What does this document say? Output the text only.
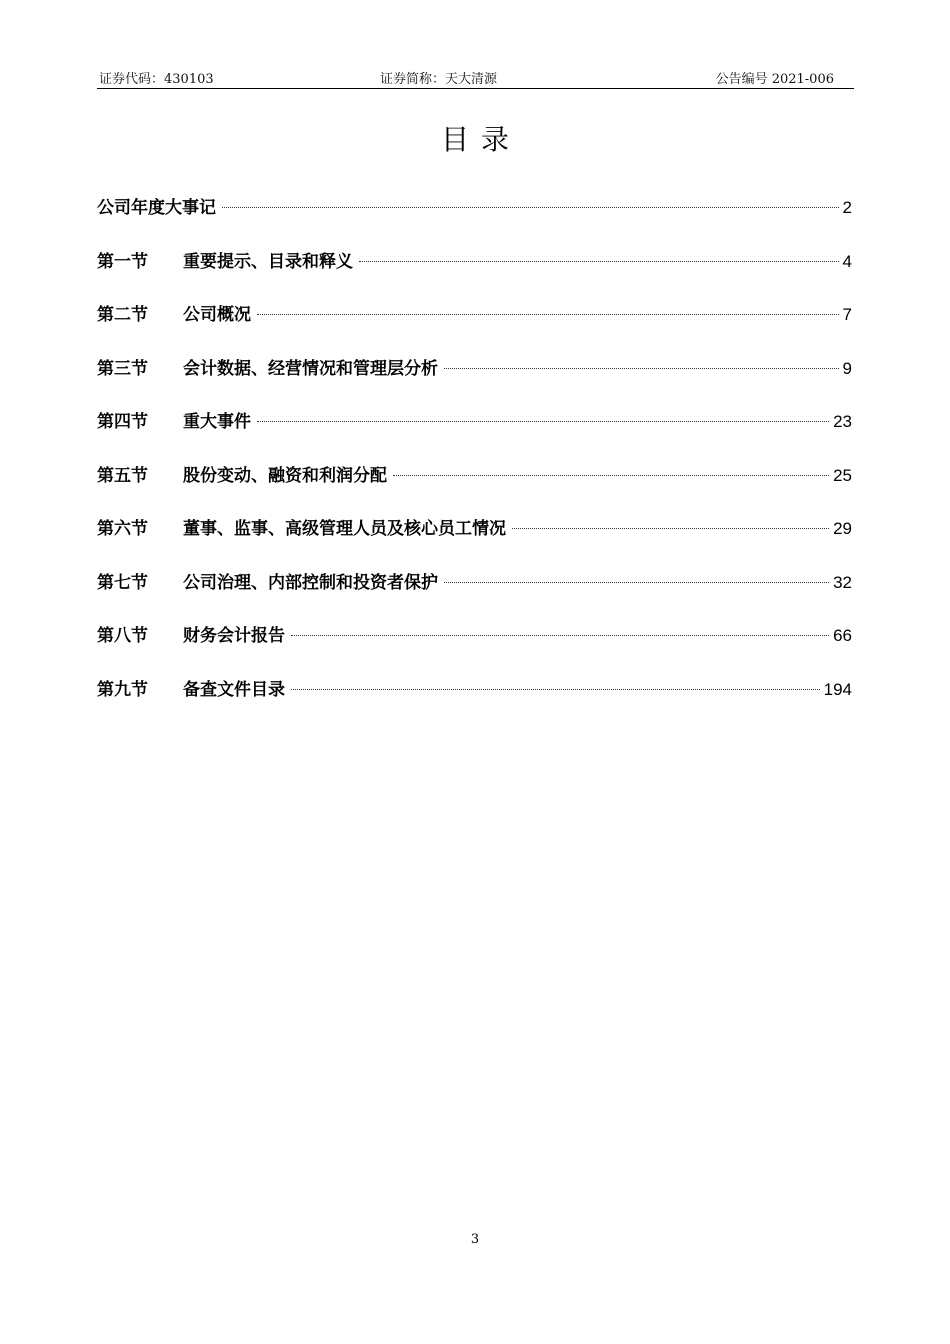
证券代码：430103	证券简称：天大清源	公告编号 2021-006
目录
公司年度大事记	2
第一节	重要提示、目录和释义	4
第二节	公司概况	7
第三节	会计数据、经营情况和管理层分析	9
第四节	重大事件	23
第五节	股份变动、融资和利润分配	25
第六节	董事、监事、高级管理人员及核心员工情况	29
第七节	公司治理、内部控制和投资者保护	32
第八节	财务会计报告	66
第九节	备查文件目录	194
3
